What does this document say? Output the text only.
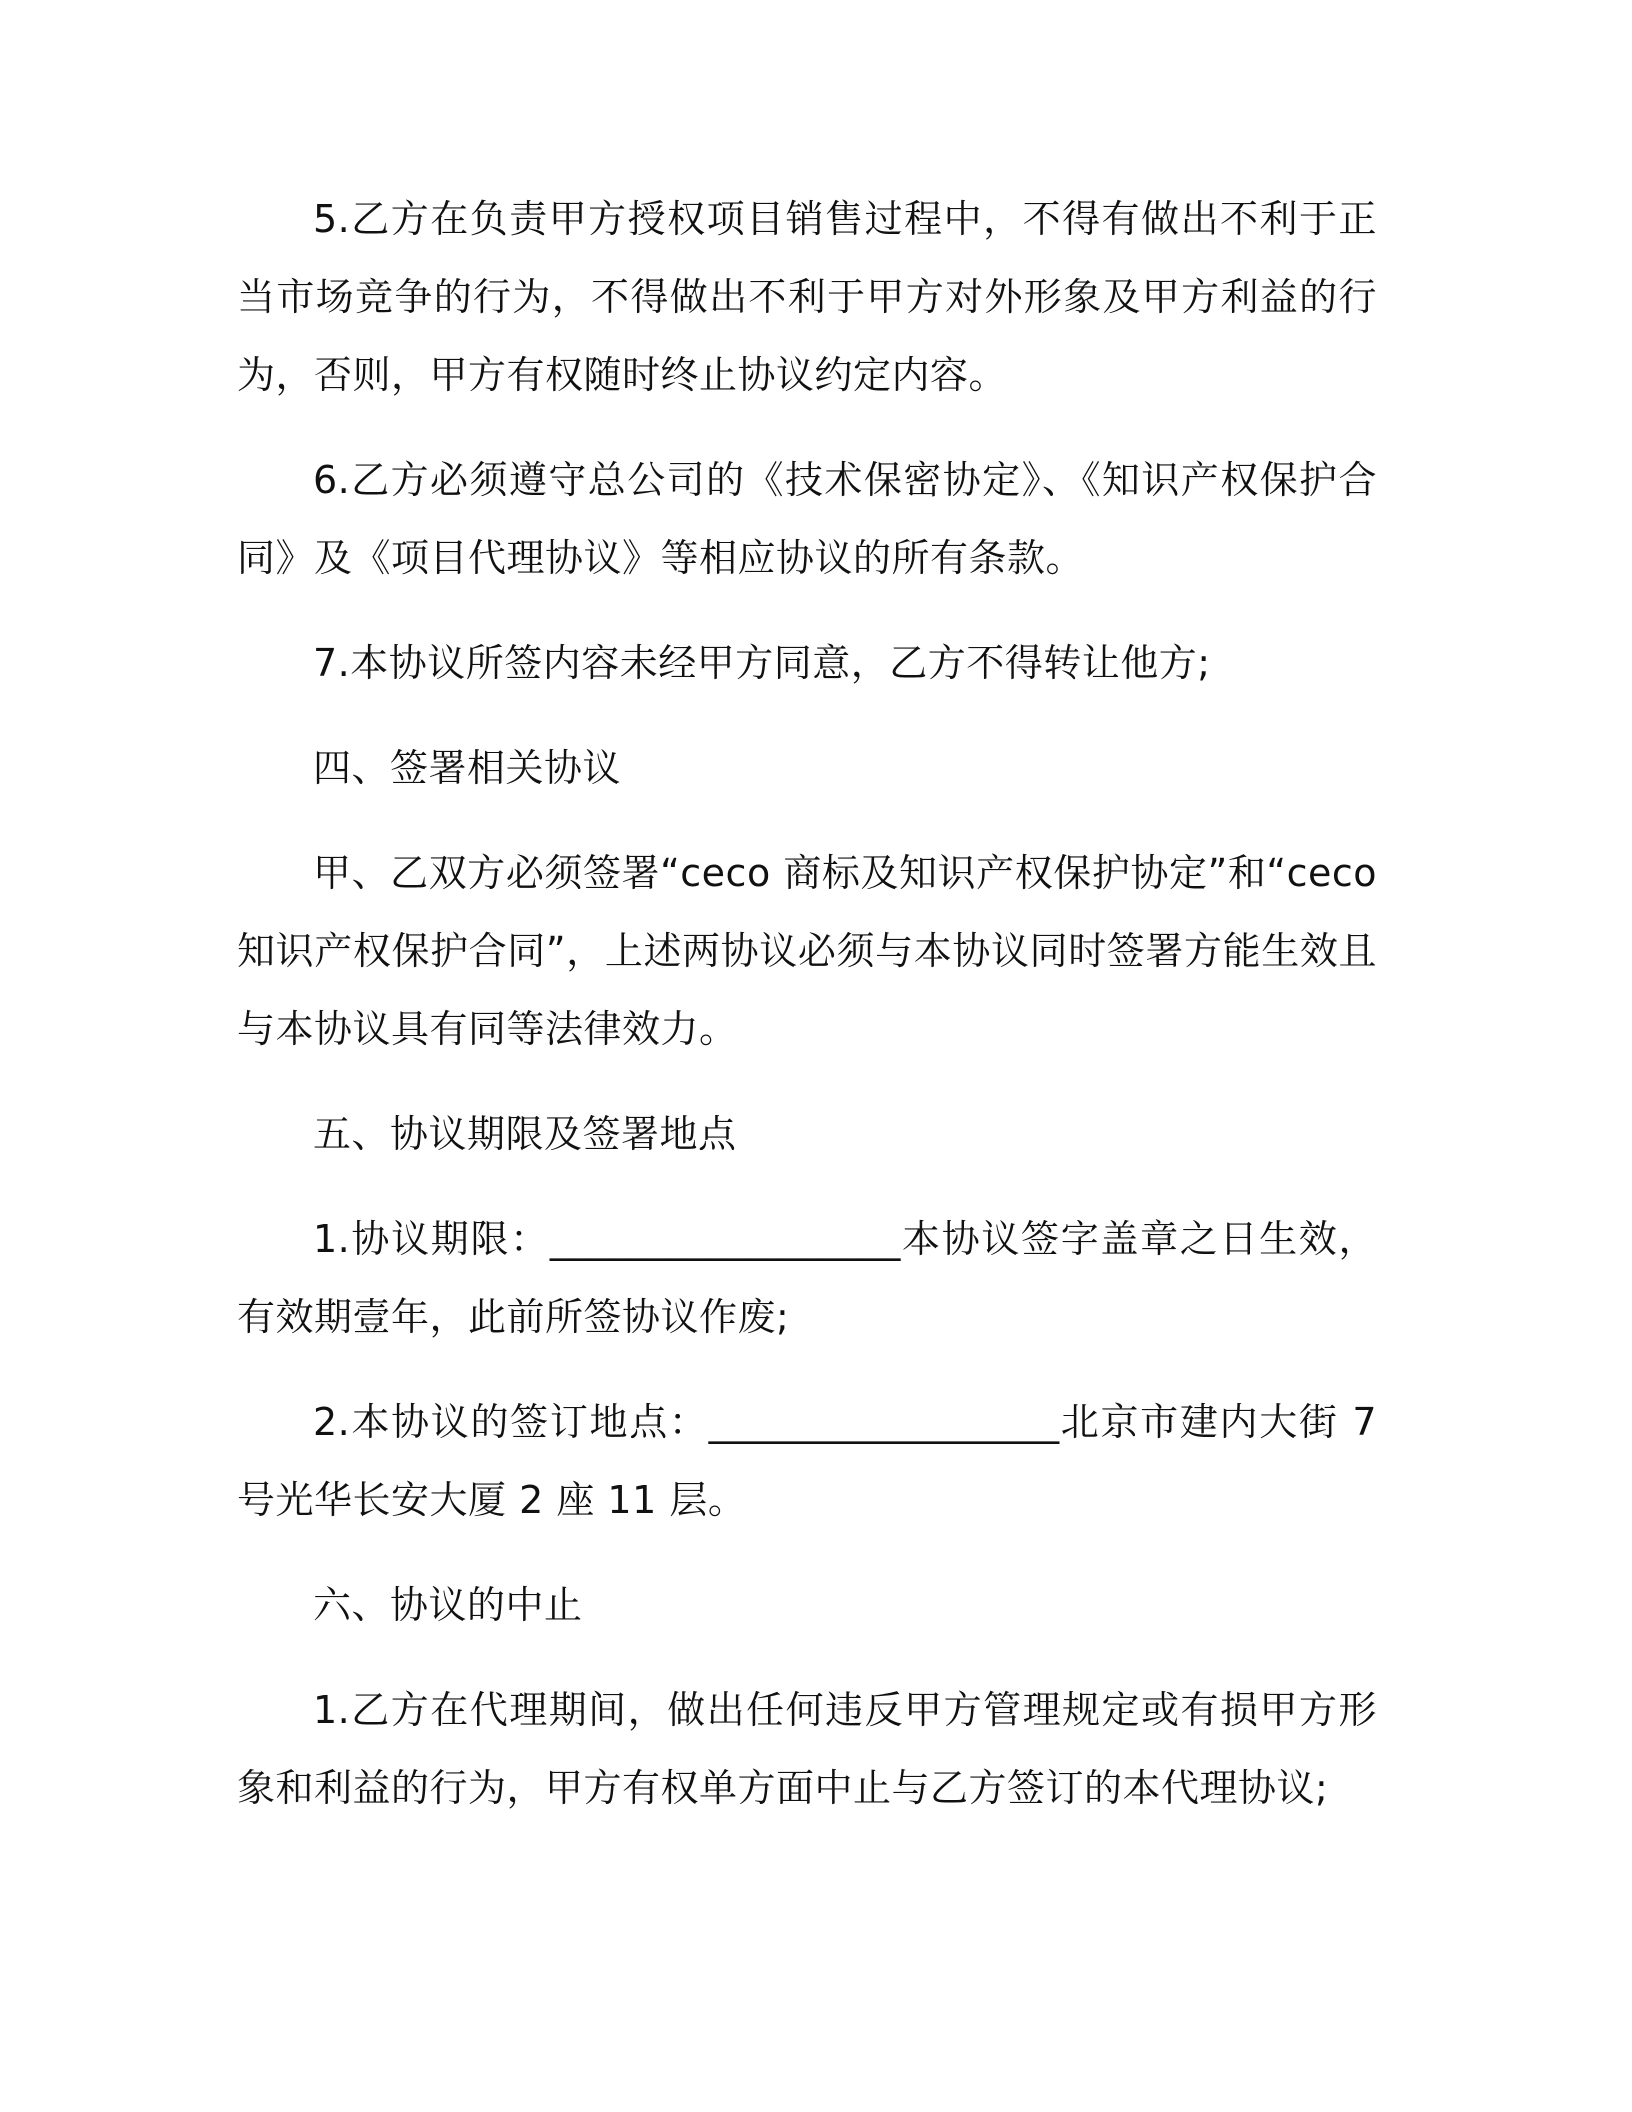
5.乙方在负责甲方授权项目销售过程中，不得有做出不利于正当市场竞争的行为，不得做出不利于甲方对外形象及甲方利益的行为，否则，甲方有权随时终止协议约定内容。

6.乙方必须遵守总公司的《技术保密协定》、《知识产权保护合同》及《项目代理协议》等相应协议的所有条款。

7.本协议所签内容未经甲方同意，乙方不得转让他方;

四、签署相关协议

甲、乙双方必须签署“ceco 商标及知识产权保护协定”和“ceco 知识产权保护合同”，上述两协议必须与本协议同时签署方能生效且与本协议具有同等法律效力。

五、协议期限及签署地点

1.协议期限：__________________本协议签字盖章之日生效，有效期壹年，此前所签协议作废;

2.本协议的签订地点：__________________北京市建内大街 7 号光华长安大厦 2 座 11 层。

六、协议的中止

1.乙方在代理期间，做出任何违反甲方管理规定或有损甲方形象和利益的行为，甲方有权单方面中止与乙方签订的本代理协议;
